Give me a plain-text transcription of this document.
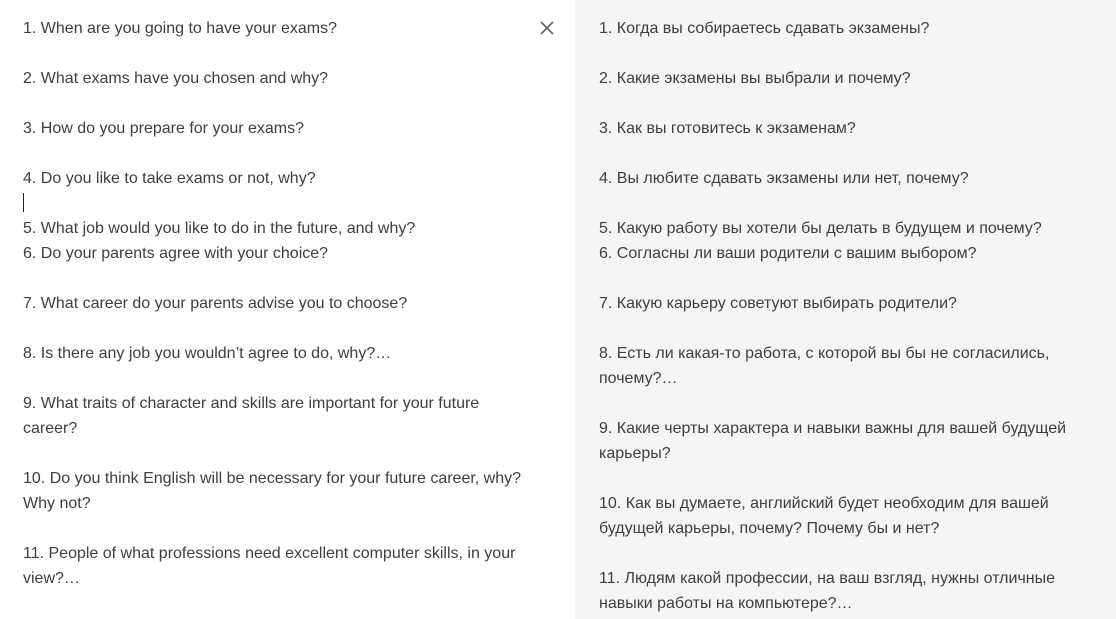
1. When are you going to have your exams?

2. What exams have you chosen and why?

3. How do you prepare for your exams?

4. Do you like to take exams or not, why?

5. What job would you like to do in the future, and why?
6. Do your parents agree with your choice?

7. What career do your parents advise you to choose?

8. Is there any job you wouldn’t agree to do, why?…

9. What traits of character and skills are important for your future career?

10. Do you think English will be necessary for your future career, why? Why not?

11. People of what professions need excellent computer skills, in your view?…
1. Когда вы собираетесь сдавать экзамены?

2. Какие экзамены вы выбрали и почему?

3. Как вы готовитесь к экзаменам?

4. Вы любите сдавать экзамены или нет, почему?

5. Какую работу вы хотели бы делать в будущем и почему?
6. Согласны ли ваши родители с вашим выбором?

7. Какую карьеру советуют выбирать родители?

8. Есть ли какая-то работа, с которой вы бы не согласились, почему?…

9. Какие черты характера и навыки важны для вашей будущей карьеры?

10. Как вы думаете, английский будет необходим для вашей будущей карьеры, почему? Почему бы и нет?

11. Людям какой профессии, на ваш взгляд, нужны отличные навыки работы на компьютере?…
